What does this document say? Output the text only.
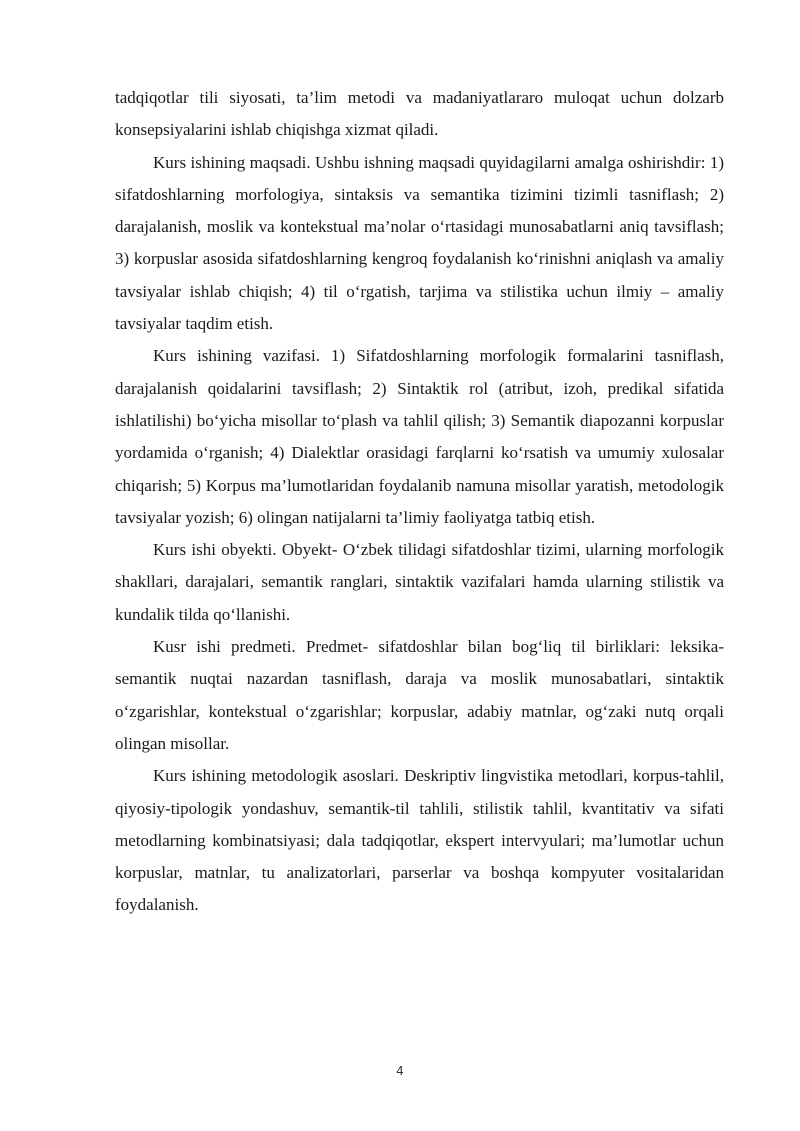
tadqiqotlar tili siyosati, ta’lim metodi va madaniyatlararo muloqat uchun dolzarb konsepsiyalarini ishlab chiqishga xizmat qiladi.

Kurs ishining maqsadi. Ushbu ishning maqsadi quyidagilarni amalga oshirishdir: 1) sifatdoshlarning morfologiya, sintaksis va semantika tizimini tizimli tasniflash; 2) darajalanish, moslik va kontekstual ma’nolar o‘rtasidagi munosabatlarni aniq tavsiflash; 3) korpuslar asosida sifatdoshlarning kengroq foydalanish ko‘rinishni aniqlash va amaliy tavsiyalar ishlab chiqish; 4) til o‘rgatish, tarjima va stilistika uchun ilmiy – amaliy tavsiyalar taqdim etish.

Kurs ishining vazifasi. 1) Sifatdoshlarning morfologik formalarini tasniflash, darajalanish qoidalarini tavsiflash; 2) Sintaktik rol (atribut, izoh, predikal sifatida ishlatilishi) bo‘yicha misollar to‘plash va tahlil qilish; 3) Semantik diapozanni korpuslar yordamida o‘rganish; 4) Dialektlar orasidagi farqlarni ko‘rsatish va umumiy xulosalar chiqarish; 5) Korpus ma’lumotlaridan foydalanib namuna misollar yaratish, metodologik tavsiyalar yozish; 6) olingan natijalarni ta’limiy faoliyatga tatbiq etish.

Kurs ishi obyekti. Obyekt- O‘zbek tilidagi sifatdoshlar tizimi, ularning morfologik shakllari, darajalari, semantik ranglari, sintaktik vazifalari hamda ularning stilistik va kundalik tilda qo‘llanishi.

Kusr ishi predmeti. Predmet- sifatdoshlar bilan bog‘liq til birliklari: leksika-semantik nuqtai nazardan tasniflash, daraja va moslik munosabatlari, sintaktik o‘zgarishlar, kontekstual o‘zgarishlar; korpuslar, adabiy matnlar, og‘zaki nutq orqali olingan misollar.

Kurs ishining metodologik asoslari. Deskriptiv lingvistika metodlari, korpus-tahlil, qiyosiy-tipologik yondashuv, semantik-til tahlili, stilistik tahlil, kvantitativ va sifati metodlarning kombinatsiyasi; dala tadqiqotlar, ekspert intervyulari; ma’lumotlar uchun korpuslar, matnlar, tu analizatorlari, parserlar va boshqa kompyuter vositalaridan foydalanish.

4
